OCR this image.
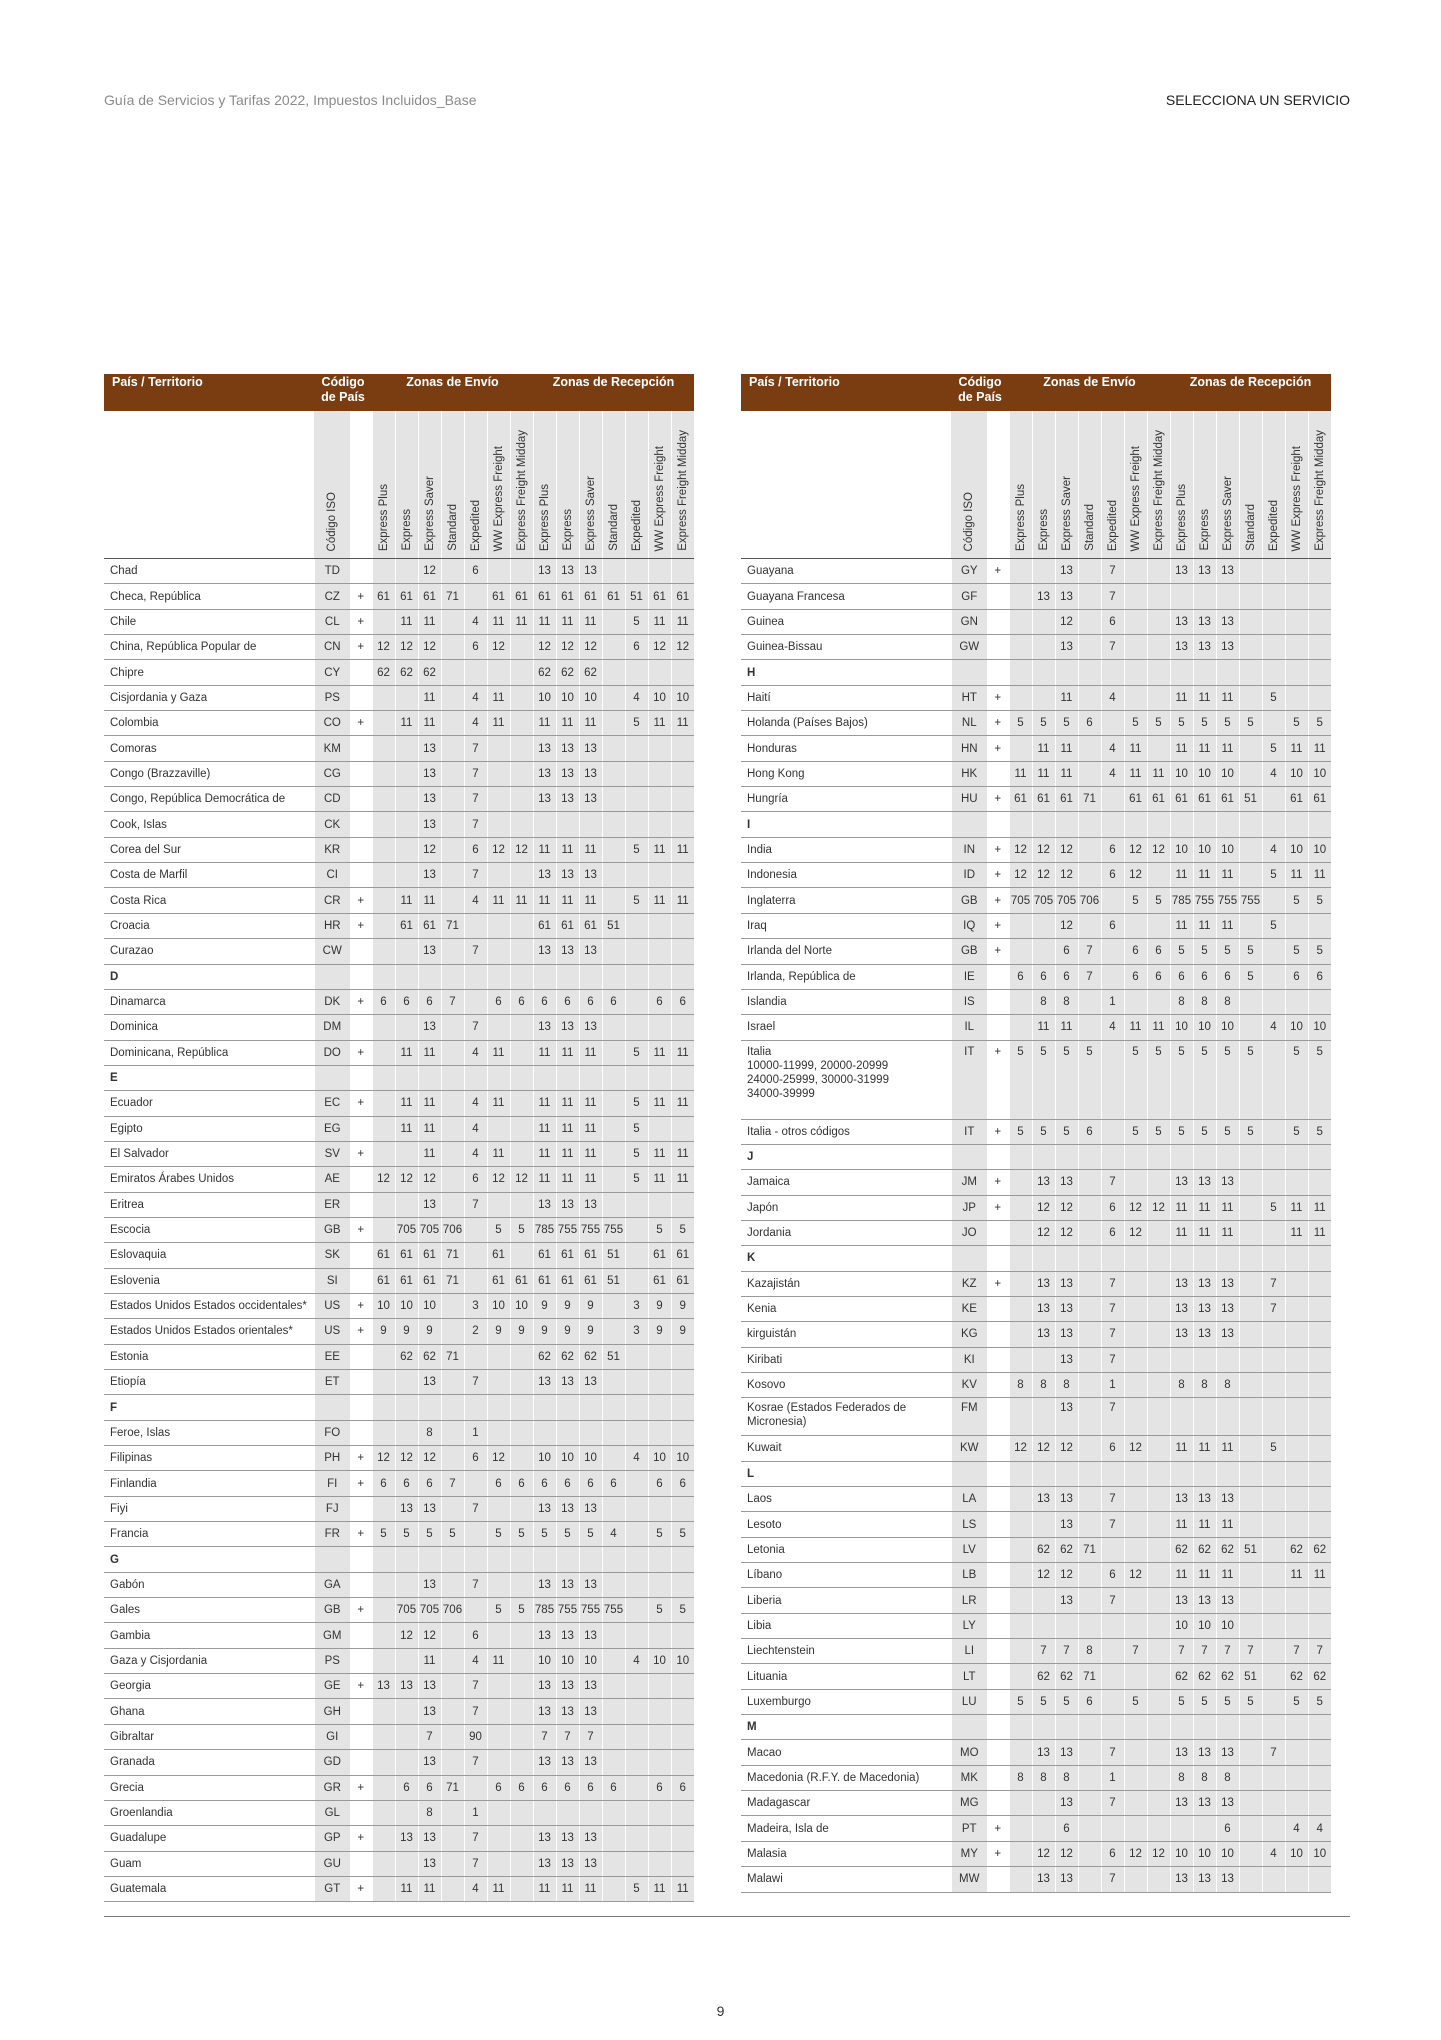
Guía de Servicios y Tarifas 2022, Impuestos Incluidos_Base	SELECCIONA UN SERVICIO
País / Territorio	Código de País		Zonas de Envío							Zonas de Recepción						
	Código ISO		Express Plus	Express	Express Saver	Standard	Expedited	WW Express Freight	Express Freight Midday	Express Plus	Express	Express Saver	Standard	Expedited	WW Express Freight	Express Freight Midday
Chad	TD				12		6			13	13	13				
Checa, República	CZ	+	61	61	61	71		61	61	61	61	61	61	51	61	61
Chile	CL	+		11	11		4	11	11	11	11	11		5	11	11
China, República Popular de	CN	+	12	12	12		6	12		12	12	12		6	12	12
Chipre	CY		62	62	62					62	62	62				
Cisjordania y Gaza	PS				11		4	11		10	10	10		4	10	10
Colombia	CO	+		11	11		4	11		11	11	11		5	11	11
Comoras	KM				13		7			13	13	13				
Congo (Brazzaville)	CG				13		7			13	13	13				
Congo, República Democrática de	CD				13		7			13	13	13				
Cook, Islas	CK				13		7									
Corea del Sur	KR				12		6	12	12	11	11	11		5	11	11
Costa de Marfil	CI				13		7			13	13	13				
Costa Rica	CR	+		11	11		4	11	11	11	11	11		5	11	11
Croacia	HR	+		61	61	71				61	61	61	51			
Curazao	CW				13		7			13	13	13				
D																
Dinamarca	DK	+	6	6	6	7		6	6	6	6	6	6		6	6
Dominica	DM				13		7			13	13	13				
Dominicana, República	DO	+		11	11		4	11		11	11	11		5	11	11
E																
Ecuador	EC	+		11	11		4	11		11	11	11		5	11	11
Egipto	EG			11	11		4			11	11	11		5		
El Salvador	SV	+			11		4	11		11	11	11		5	11	11
Emiratos Árabes Unidos	AE		12	12	12		6	12	12	11	11	11		5	11	11
Eritrea	ER				13		7			13	13	13				
Escocia	GB	+		705	705	706		5	5	785	755	755	755		5	5
Eslovaquia	SK		61	61	61	71		61		61	61	61	51		61	61
Eslovenia	SI		61	61	61	71		61	61	61	61	61	51		61	61
Estados Unidos Estados occidentales*	US	+	10	10	10		3	10	10	9	9	9		3	9	9
Estados Unidos Estados orientales*	US	+	9	9	9		2	9	9	9	9	9		3	9	9
Estonia	EE			62	62	71				62	62	62	51			
Etiopía	ET				13		7			13	13	13				
F																
Feroe, Islas	FO				8		1									
Filipinas	PH	+	12	12	12		6	12		10	10	10		4	10	10
Finlandia	FI	+	6	6	6	7		6	6	6	6	6	6		6	6
Fiyi	FJ			13	13		7			13	13	13				
Francia	FR	+	5	5	5	5		5	5	5	5	5	4		5	5
G																
Gabón	GA				13		7			13	13	13				
Gales	GB	+		705	705	706		5	5	785	755	755	755		5	5
Gambia	GM			12	12		6			13	13	13				
Gaza y Cisjordania	PS				11		4	11		10	10	10		4	10	10
Georgia	GE	+	13	13	13		7			13	13	13				
Ghana	GH				13		7			13	13	13				
Gibraltar	GI				7		90			7	7	7				
Granada	GD				13		7			13	13	13				
Grecia	GR	+		6	6	71		6	6	6	6	6	6		6	6
Groenlandia	GL				8		1									
Guadalupe	GP	+		13	13		7			13	13	13				
Guam	GU				13		7			13	13	13				
Guatemala	GT	+		11	11		4	11		11	11	11		5	11	11
País / Territorio	Código de País		Zonas de Envío							Zonas de Recepción						
	Código ISO		Express Plus	Express	Express Saver	Standard	Expedited	WW Express Freight	Express Freight Midday	Express Plus	Express	Express Saver	Standard	Expedited	WW Express Freight	Express Freight Midday
Guayana	GY	+			13		7			13	13	13				
Guayana Francesa	GF			13	13		7									
Guinea	GN				12		6			13	13	13				
Guinea-Bissau	GW				13		7			13	13	13				
H																
Haití	HT	+			11		4			11	11	11		5		
Holanda (Países Bajos)	NL	+	5	5	5	6		5	5	5	5	5	5		5	5
Honduras	HN	+		11	11		4	11		11	11	11		5	11	11
Hong Kong	HK		11	11	11		4	11	11	10	10	10		4	10	10
Hungría	HU	+	61	61	61	71		61	61	61	61	61	51		61	61
I																
India	IN	+	12	12	12		6	12	12	10	10	10		4	10	10
Indonesia	ID	+	12	12	12		6	12		11	11	11		5	11	11
Inglaterra	GB	+	705	705	705	706		5	5	785	755	755	755		5	5
Iraq	IQ	+			12		6			11	11	11		5		
Irlanda del Norte	GB	+			6	7		6	6	5	5	5	5		5	5
Irlanda, República de	IE		6	6	6	7		6	6	6	6	6	5		6	6
Islandia	IS			8	8		1			8	8	8				
Israel	IL			11	11		4	11	11	10	10	10		4	10	10
Italia
10000-11999, 20000-20999
24000-25999, 30000-31999
34000-39999	IT	+	5	5	5	5		5	5	5	5	5	5		5	5
Italia - otros códigos	IT	+	5	5	5	6		5	5	5	5	5	5		5	5
J																
Jamaica	JM	+		13	13		7			13	13	13				
Japón	JP	+		12	12		6	12	12	11	11	11		5	11	11
Jordania	JO			12	12		6	12		11	11	11			11	11
K																
Kazajistán	KZ	+		13	13		7			13	13	13		7		
Kenia	KE			13	13		7			13	13	13		7		
kirguistán	KG			13	13		7			13	13	13				
Kiribati	KI				13		7									
Kosovo	KV		8	8	8		1			8	8	8				
Kosrae (Estados Federados de Micronesia)	FM				13		7									
Kuwait	KW		12	12	12		6	12		11	11	11		5		
L																
Laos	LA			13	13		7			13	13	13				
Lesoto	LS				13		7			11	11	11				
Letonia	LV			62	62	71				62	62	62	51		62	62
Líbano	LB			12	12		6	12		11	11	11			11	11
Liberia	LR				13		7			13	13	13				
Libia	LY									10	10	10				
Liechtenstein	LI			7	7	8		7		7	7	7	7		7	7
Lituania	LT			62	62	71				62	62	62	51		62	62
Luxemburgo	LU		5	5	5	6		5		5	5	5	5		5	5
M																
Macao	MO			13	13		7			13	13	13		7		
Macedonia (R.F.Y. de Macedonia)	MK		8	8	8		1			8	8	8				
Madagascar	MG				13		7			13	13	13				
Madeira, Isla de	PT	+			6							6			4	4
Malasia	MY	+		12	12		6	12	12	10	10	10		4	10	10
Malawi	MW			13	13		7			13	13	13				
9
